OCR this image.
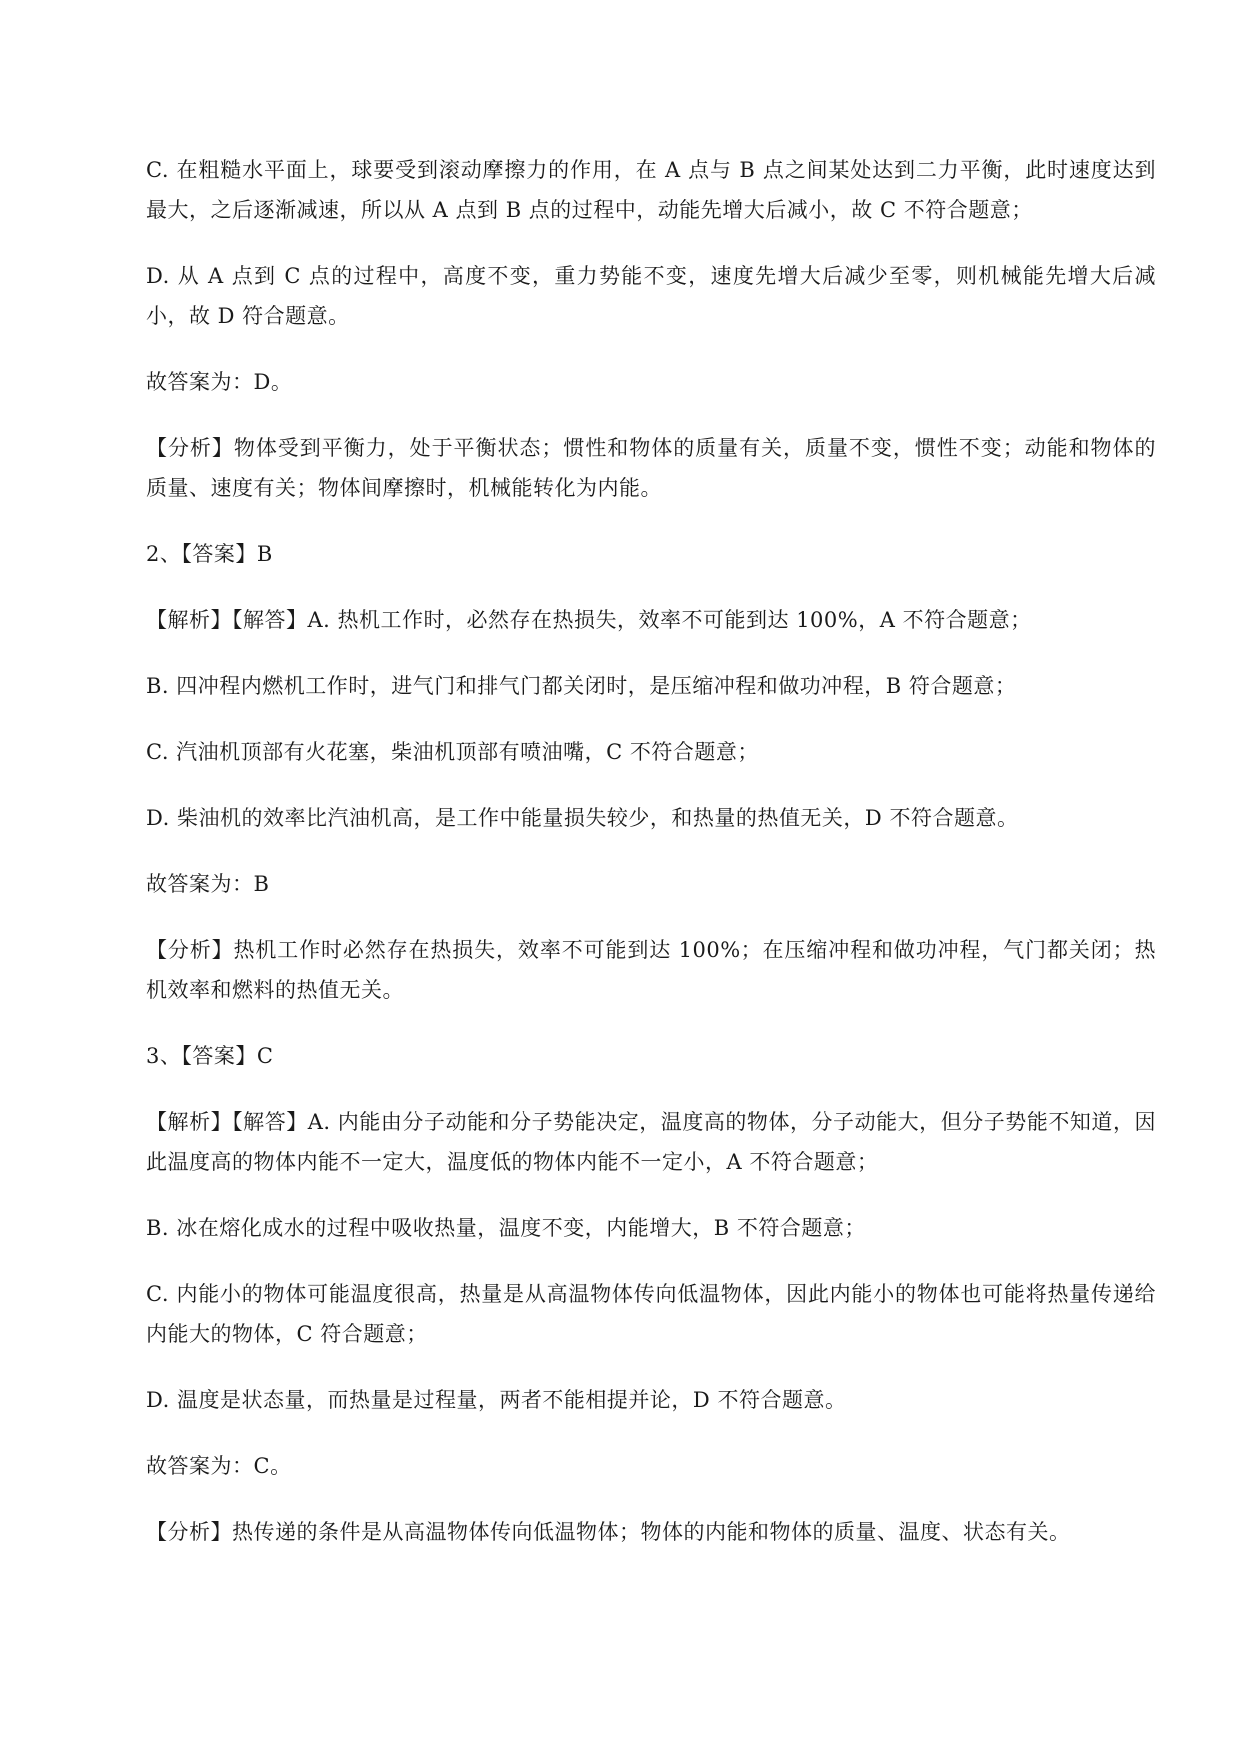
C. 在粗糙水平面上，球要受到滚动摩擦力的作用，在 A 点与 B 点之间某处达到二力平衡，此时速度达到最大，之后逐渐减速，所以从 A 点到 B 点的过程中，动能先增大后减小，故 C 不符合题意；

D. 从 A 点到 C 点的过程中，高度不变，重力势能不变，速度先增大后减少至零，则机械能先增大后减小，故 D 符合题意。

故答案为：D。

【分析】物体受到平衡力，处于平衡状态；惯性和物体的质量有关，质量不变，惯性不变；动能和物体的质量、速度有关；物体间摩擦时，机械能转化为内能。

2、【答案】B

【解析】【解答】A. 热机工作时，必然存在热损失，效率不可能到达 100%，A 不符合题意；

B. 四冲程内燃机工作时，进气门和排气门都关闭时，是压缩冲程和做功冲程，B 符合题意；

C. 汽油机顶部有火花塞，柴油机顶部有喷油嘴，C 不符合题意；

D. 柴油机的效率比汽油机高，是工作中能量损失较少，和热量的热值无关，D 不符合题意。

故答案为：B

【分析】热机工作时必然存在热损失，效率不可能到达 100%；在压缩冲程和做功冲程，气门都关闭；热机效率和燃料的热值无关。

3、【答案】C

【解析】【解答】A. 内能由分子动能和分子势能决定，温度高的物体，分子动能大，但分子势能不知道，因此温度高的物体内能不一定大，温度低的物体内能不一定小，A 不符合题意；

B. 冰在熔化成水的过程中吸收热量，温度不变，内能增大，B 不符合题意；

C. 内能小的物体可能温度很高，热量是从高温物体传向低温物体，因此内能小的物体也可能将热量传递给内能大的物体，C 符合题意；

D. 温度是状态量，而热量是过程量，两者不能相提并论，D 不符合题意。

故答案为：C。

【分析】热传递的条件是从高温物体传向低温物体；物体的内能和物体的质量、温度、状态有关。
